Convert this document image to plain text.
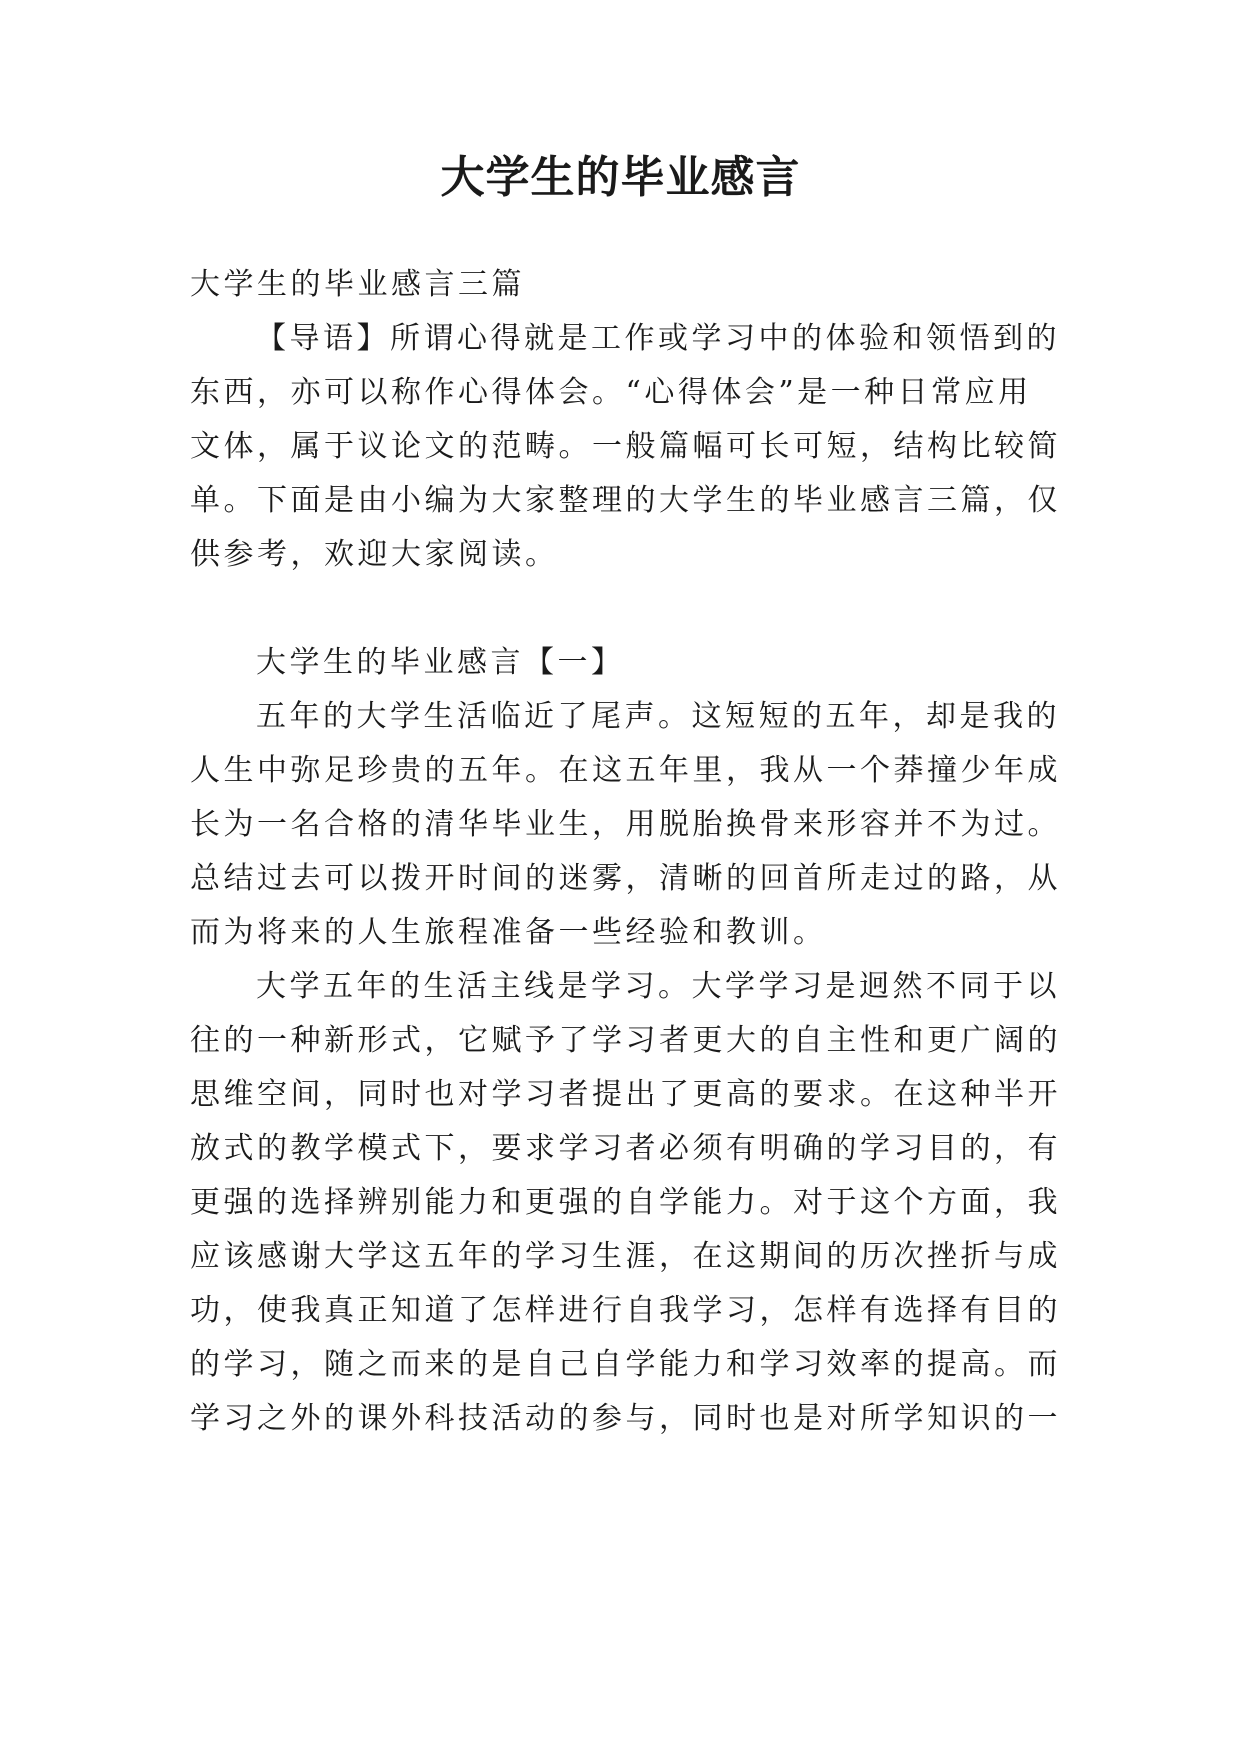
大学生的毕业感言

大学生的毕业感言三篇

【导语】所谓心得就是工作或学习中的体验和领悟到的

东西，亦可以称作心得体会。“心得体会”是一种日常应用

文体，属于议论文的范畴。一般篇幅可长可短，结构比较简

单。下面是由小编为大家整理的大学生的毕业感言三篇，仅

供参考，欢迎大家阅读。

大学生的毕业感言【一】

五年的大学生活临近了尾声。这短短的五年，却是我的

人生中弥足珍贵的五年。在这五年里，我从一个莽撞少年成

长为一名合格的清华毕业生，用脱胎换骨来形容并不为过。

总结过去可以拨开时间的迷雾，清晰的回首所走过的路，从

而为将来的人生旅程准备一些经验和教训。

大学五年的生活主线是学习。大学学习是迥然不同于以

往的一种新形式，它赋予了学习者更大的自主性和更广阔的

思维空间，同时也对学习者提出了更高的要求。在这种半开

放式的教学模式下，要求学习者必须有明确的学习目的，有

更强的选择辨别能力和更强的自学能力。对于这个方面，我

应该感谢大学这五年的学习生涯，在这期间的历次挫折与成

功，使我真正知道了怎样进行自我学习，怎样有选择有目的

的学习，随之而来的是自己自学能力和学习效率的提高。而

学习之外的课外科技活动的参与，同时也是对所学知识的一
